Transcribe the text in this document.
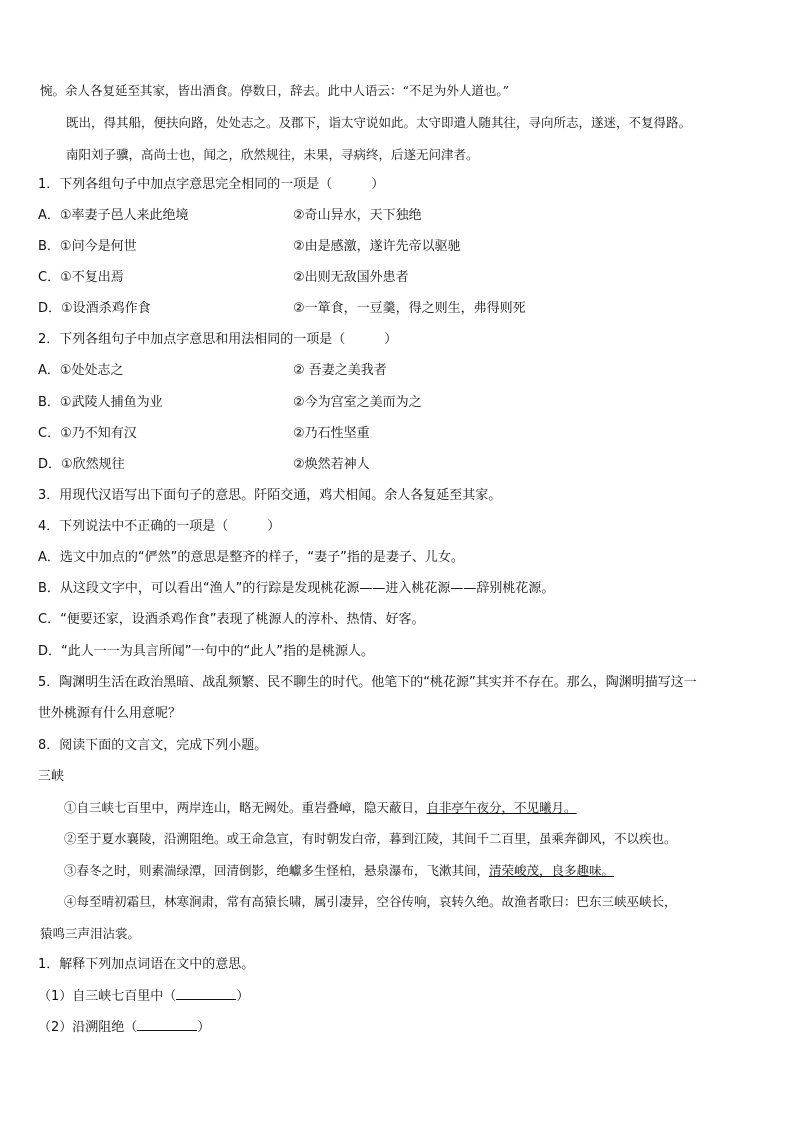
惋。余人各复延至其家，皆出酒食。停数日，辞去。此中人语云：“不足为外人道也。”
既出，得其船，便扶向路，处处志之。及郡下，诣太守说如此。太守即遣人随其往，寻向所志，遂迷，不复得路。
南阳刘子骥，高尚士也，闻之，欣然规往，未果，寻病终，后遂无问津者。
1．下列各组句子中加点字意思完全相同的一项是（　　　）
A．①率妻子邑人来此绝境	②奇山异水，天下独绝
B．①问今是何世	②由是感激，遂许先帝以驱驰
C．①不复出焉	②出则无敌国外患者
D．①设酒杀鸡作食	②一箪食，一豆羹，得之则生，弗得则死
2．下列各组句子中加点字意思和用法相同的一项是（　　　）
A．①处处志之	② 吾妻之美我者
B．①武陵人捕鱼为业	②今为宫室之美而为之
C．①乃不知有汉	②乃石性坚重
D．①欣然规往	②焕然若神人
3．用现代汉语写出下面句子的意思。阡陌交通，鸡犬相闻。余人各复延至其家。
4．下列说法中不正确的一项是（　　　）
A．选文中加点的“俨然”的意思是整齐的样子，“妻子”指的是妻子、儿女。
B．从这段文字中，可以看出“渔人”的行踪是发现桃花源——进入桃花源——辞别桃花源。
C．“便要还家，设酒杀鸡作食”表现了桃源人的淳朴、热情、好客。
D．“此人一一为具言所闻”一句中的“此人”指的是桃源人。
5．陶渊明生活在政治黑暗、战乱频繁、民不聊生的时代。他笔下的“桃花源”其实并不存在。那么，陶渊明描写这一
世外桃源有什么用意呢？
8．阅读下面的文言文，完成下列小题。
三峡
①自三峡七百里中，两岸连山，略无阙处。重岩叠嶂，隐天蔽日，自非亭午夜分，不见曦月。
②至于夏水襄陵，沿溯阻绝。或王命急宣，有时朝发白帝，暮到江陵，其间千二百里，虽乘奔御风，不以疾也。
③春冬之时，则素湍绿潭，回清倒影，绝巘多生怪柏，悬泉瀑布，飞漱其间，清荣峻茂，良多趣味。
④每至晴初霜旦，林寒涧肃，常有高猿长啸，属引凄异，空谷传响，哀转久绝。故渔者歌曰：巴东三峡巫峡长，
猿鸣三声泪沾裳。
1．解释下列加点词语在文中的意思。
（1）自三峡七百里中（	）
（2）沿溯阻绝（	）
